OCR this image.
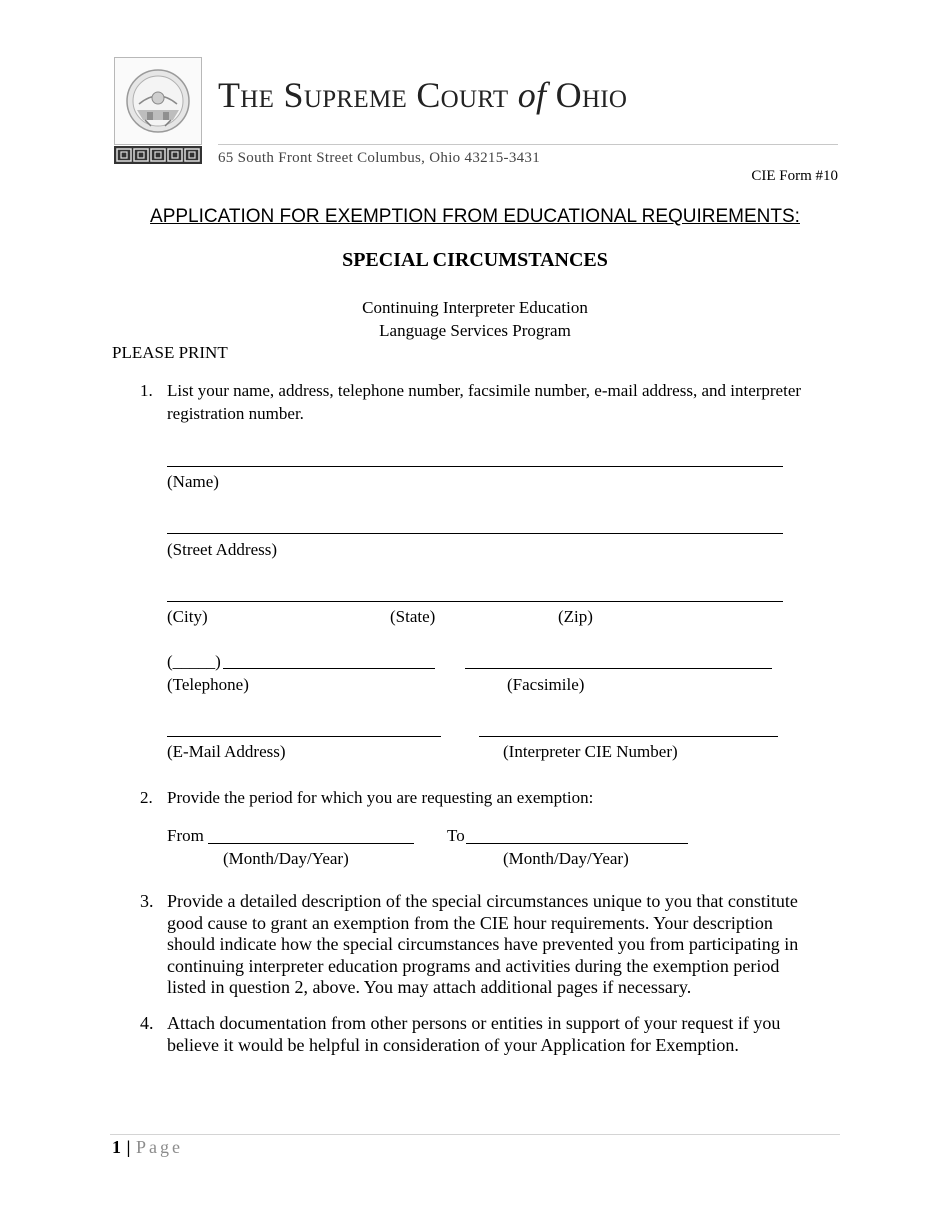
The Supreme Court of Ohio
65 South Front Street Columbus, Ohio 43215-3431
CIE Form #10
APPLICATION FOR EXEMPTION FROM EDUCATIONAL REQUIREMENTS:
SPECIAL CIRCUMSTANCES
Continuing Interpreter Education
Language Services Program
PLEASE PRINT
1. List your name, address, telephone number, facsimile number, e-mail address, and interpreter
registration number.
(Name)
(Street Address)
(City)	(State)	(Zip)
(_____)
(Telephone)	(Facsimile)
(E-Mail Address)	(Interpreter CIE Number)
2. Provide the period for which you are requesting an exemption:
From	To
(Month/Day/Year)	(Month/Day/Year)
3. Provide a detailed description of the special circumstances unique to you that constitute
good cause to grant an exemption from the CIE hour requirements. Your description
should indicate how the special circumstances have prevented you from participating in
continuing interpreter education programs and activities during the exemption period
listed in question 2, above. You may attach additional pages if necessary.
4. Attach documentation from other persons or entities in support of your request if you
believe it would be helpful in consideration of your Application for Exemption.
1 | Page
